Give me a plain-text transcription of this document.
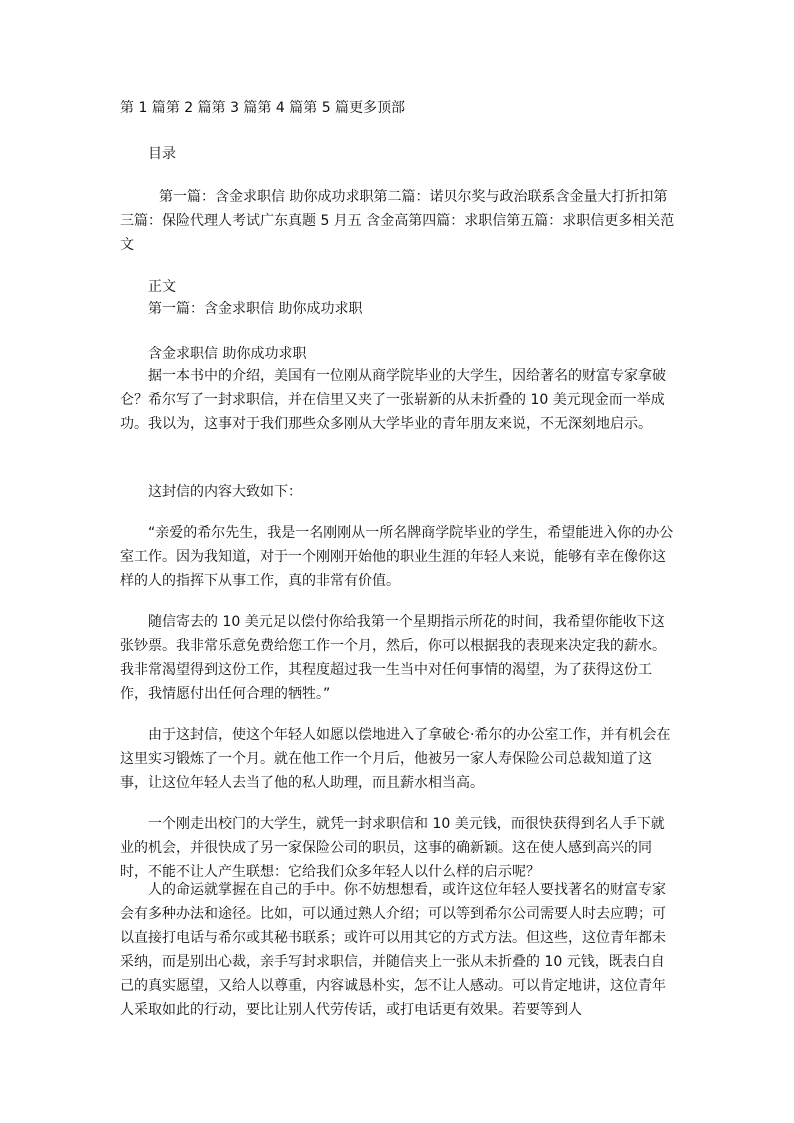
第 1 篇第 2 篇第 3 篇第 4 篇第 5 篇更多顶部
目录

第一篇：含金求职信 助你成功求职第二篇：诺贝尔奖与政治联系含金量大打折扣第三篇：保险代理人考试广东真题 5 月五 含金高第四篇：求职信第五篇：求职信更多相关范文

正文
第一篇：含金求职信 助你成功求职
含金求职信 助你成功求职

据一本书中的介绍，美国有一位刚从商学院毕业的大学生，因给著名的财富专家拿破仑？希尔写了一封求职信，并在信里又夹了一张崭新的从未折叠的 10 美元现金而一举成功。我以为，这事对于我们那些众多刚从大学毕业的青年朋友来说，不无深刻地启示。

这封信的内容大致如下：

“亲爱的希尔先生，我是一名刚刚从一所名牌商学院毕业的学生，希望能进入你的办公室工作。因为我知道，对于一个刚刚开始他的职业生涯的年轻人来说，能够有幸在像你这样的人的指挥下从事工作，真的非常有价值。

随信寄去的 10 美元足以偿付你给我第一个星期指示所花的时间，我希望你能收下这张钞票。我非常乐意免费给您工作一个月，然后，你可以根据我的表现来决定我的薪水。我非常渴望得到这份工作，其程度超过我一生当中对任何事情的渴望，为了获得这份工作，我情愿付出任何合理的牺牲。”

由于这封信，使这个年轻人如愿以偿地进入了拿破仑·希尔的办公室工作，并有机会在这里实习锻炼了一个月。就在他工作一个月后，他被另一家人寿保险公司总裁知道了这事，让这位年轻人去当了他的私人助理，而且薪水相当高。

一个刚走出校门的大学生，就凭一封求职信和 10 美元钱，而很快获得到名人手下就业的机会，并很快成了另一家保险公司的职员，这事的确新颖。这在使人感到高兴的同时，不能不让人产生联想：它给我们众多年轻人以什么样的启示呢？

人的命运就掌握在自己的手中。你不妨想想看，或许这位年轻人要找著名的财富专家会有多种办法和途径。比如，可以通过熟人介绍；可以等到希尔公司需要人时去应聘；可以直接打电话与希尔或其秘书联系；或许可以用其它的方式方法。但这些，这位青年都未采纳，而是别出心裁，亲手写封求职信，并随信夹上一张从未折叠的 10 元钱，既表白自己的真实愿望，又给人以尊重，内容诚恳朴实，怎不让人感动。可以肯定地讲，这位青年人采取如此的行动，要比让别人代劳传话，或打电话更有效果。若要等到人
